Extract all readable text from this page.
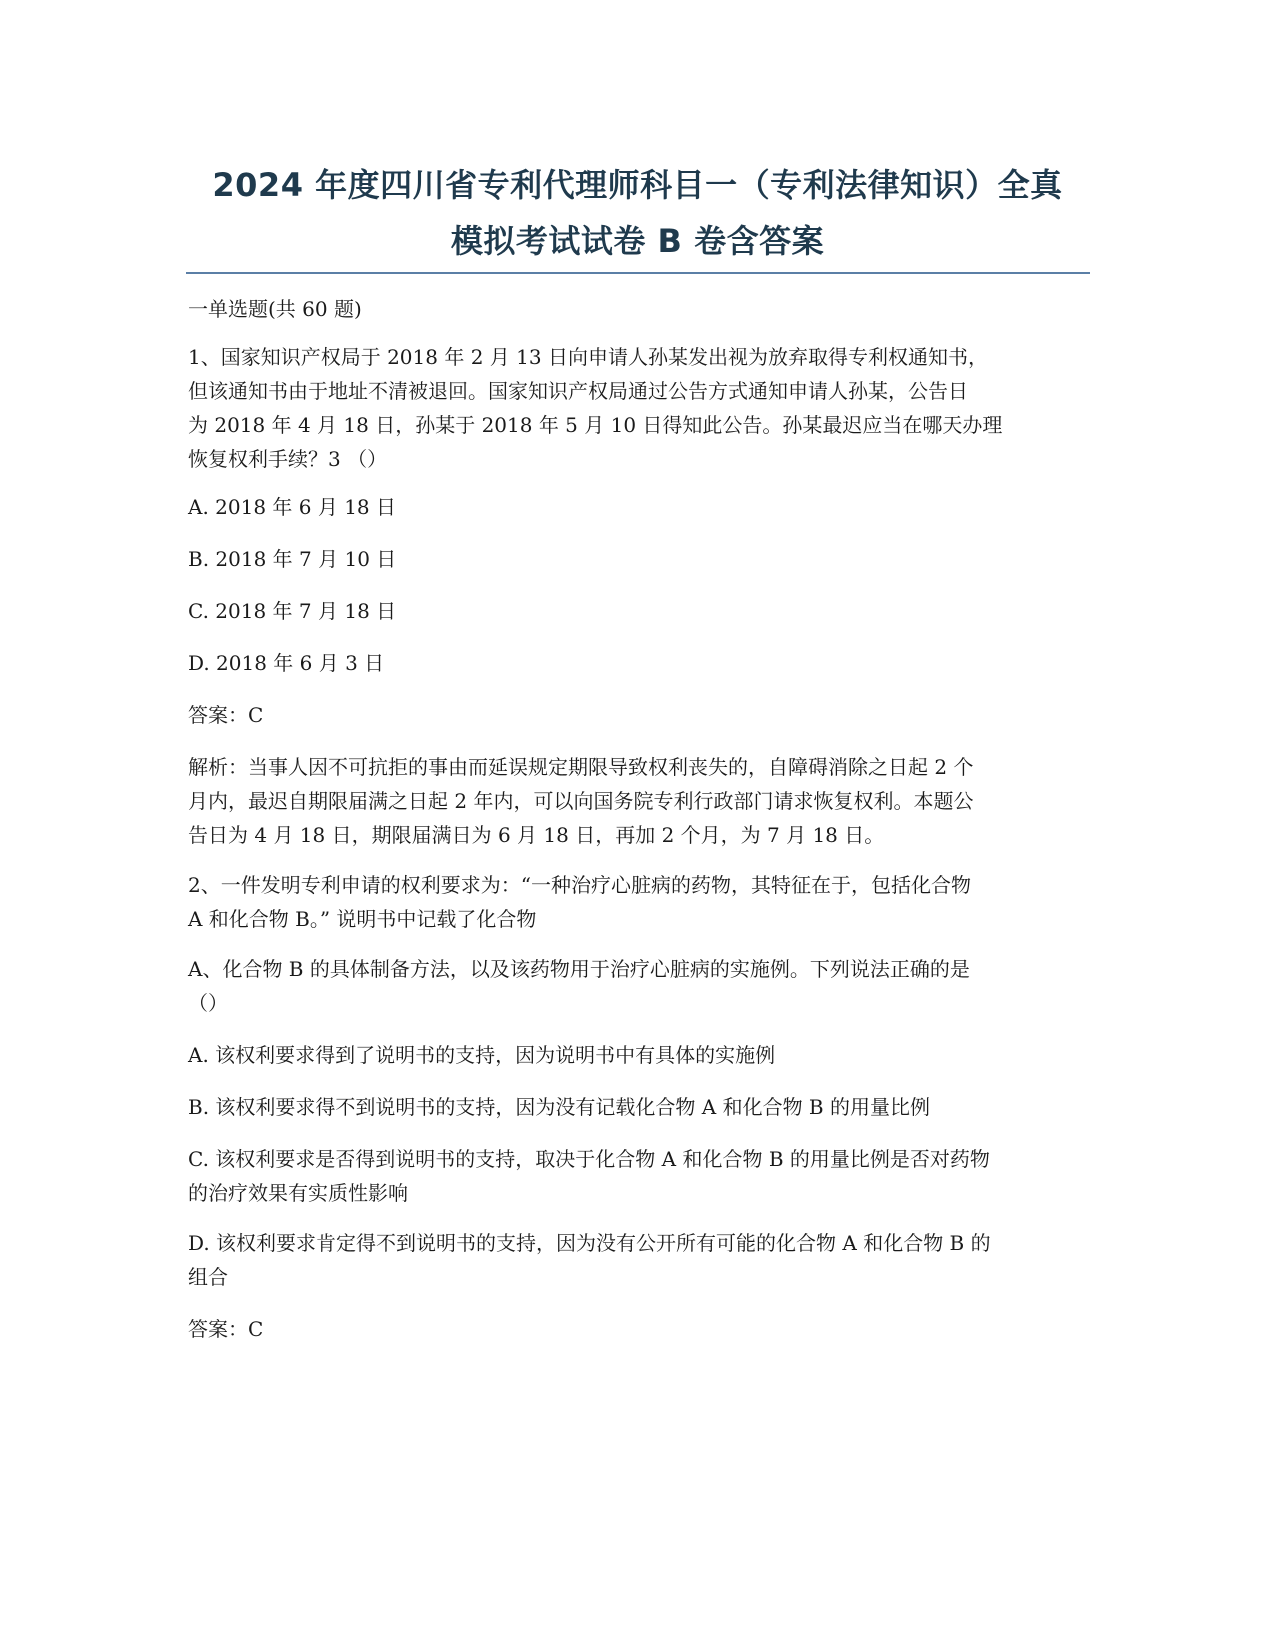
2024 年度四川省专利代理师科目一（专利法律知识）全真
模拟考试试卷 B 卷含答案

一单选题(共 60 题)

1、国家知识产权局于 2018 年 2 月 13 日向申请人孙某发出视为放弃取得专利权通知书，
但该通知书由于地址不清被退回。国家知识产权局通过公告方式通知申请人孙某，公告日
为 2018 年 4 月 18 日，孙某于 2018 年 5 月 10 日得知此公告。孙某最迟应当在哪天办理
恢复权利手续？3 （）

A. 2018 年 6 月 18 日

B. 2018 年 7 月 10 日

C. 2018 年 7 月 18 日

D. 2018 年 6 月 3 日

答案：C

解析：当事人因不可抗拒的事由而延误规定期限导致权利丧失的，自障碍消除之日起 2 个
月内，最迟自期限届满之日起 2 年内，可以向国务院专利行政部门请求恢复权利。本题公
告日为 4 月 18 日，期限届满日为 6 月 18 日，再加 2 个月，为 7 月 18 日。

2、一件发明专利申请的权利要求为：“一种治疗心脏病的药物，其特征在于，包括化合物
A 和化合物 B。” 说明书中记载了化合物

A、化合物 B 的具体制备方法，以及该药物用于治疗心脏病的实施例。下列说法正确的是
（）

A. 该权利要求得到了说明书的支持，因为说明书中有具体的实施例

B. 该权利要求得不到说明书的支持，因为没有记载化合物 A 和化合物 B 的用量比例

C. 该权利要求是否得到说明书的支持，取决于化合物 A 和化合物 B 的用量比例是否对药物
的治疗效果有实质性影响

D. 该权利要求肯定得不到说明书的支持，因为没有公开所有可能的化合物 A 和化合物 B 的
组合

答案：C
